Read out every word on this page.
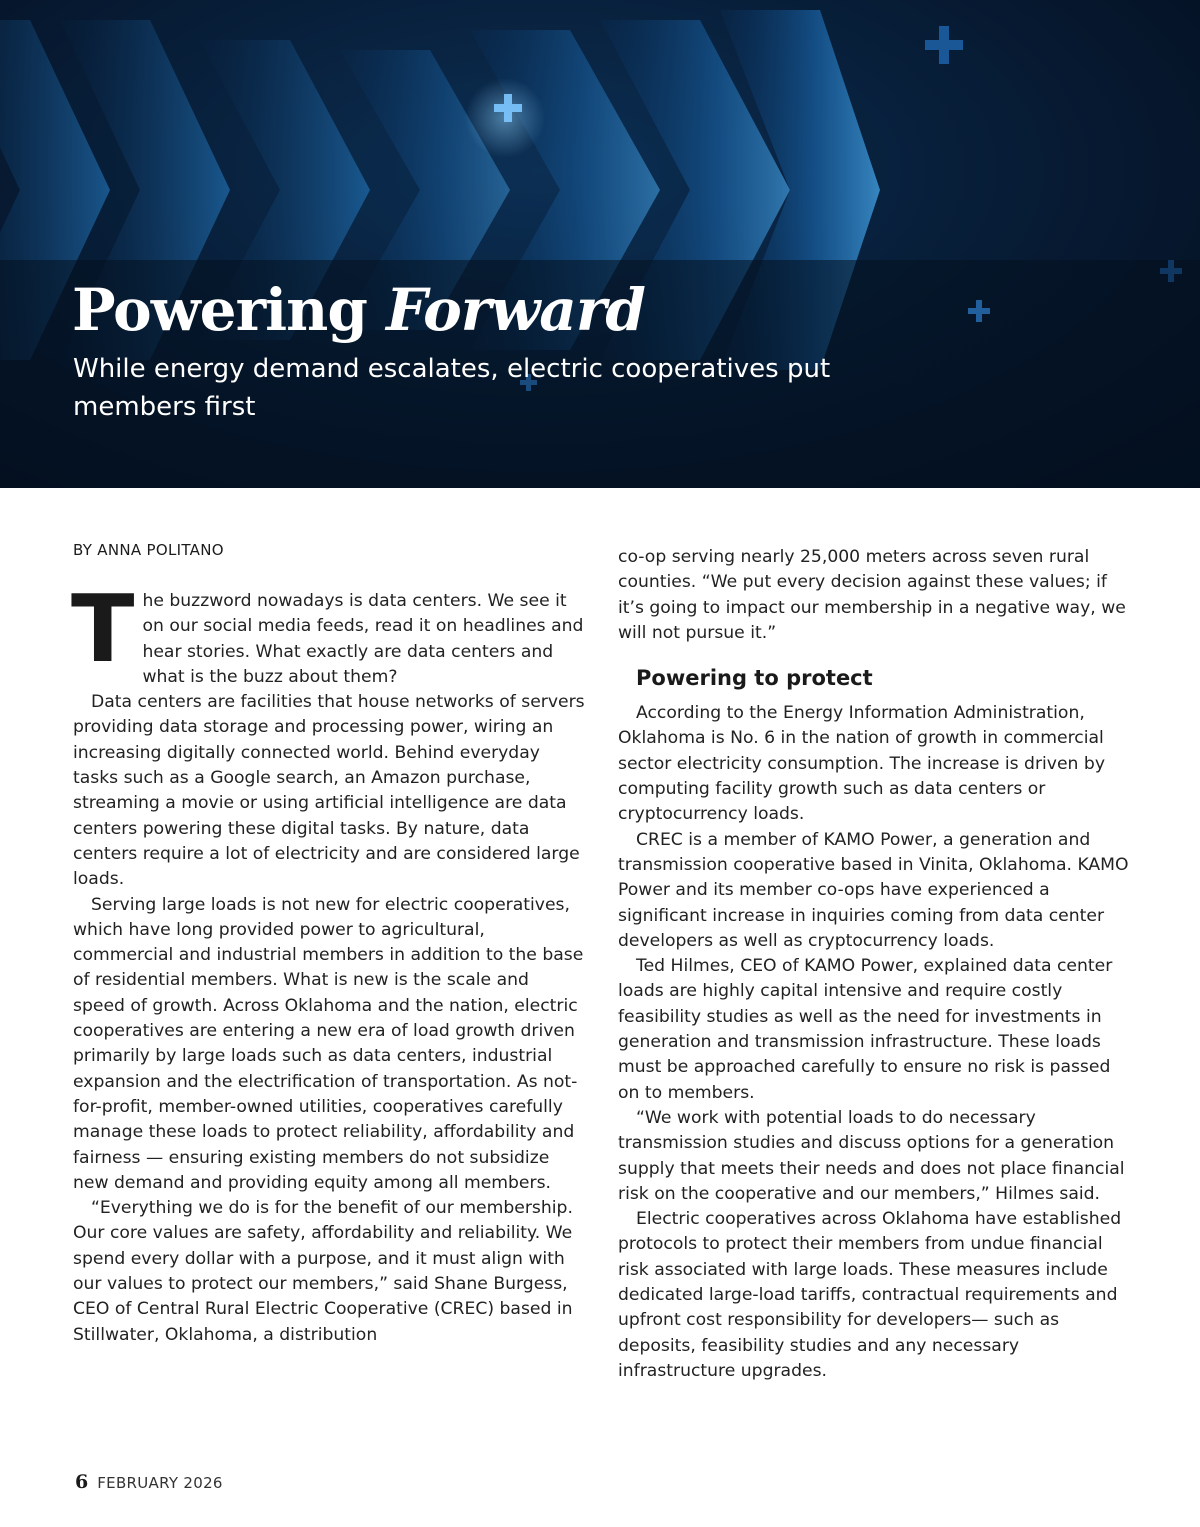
Powering Forward
While energy demand escalates, electric cooperatives put members first
BY ANNA POLITANO

The buzzword nowadays is data centers. We see it on our social media feeds, read it on headlines and hear stories. What exactly are data centers and what is the buzz about them?

Data centers are facilities that house networks of servers providing data storage and processing power, wiring an increasing digitally connected world. Behind everyday tasks such as a Google search, an Amazon purchase, streaming a movie or using artificial intelligence are data centers powering these digital tasks. By nature, data centers require a lot of electricity and are considered large loads.

Serving large loads is not new for electric cooperatives, which have long provided power to agricultural, commercial and industrial members in addition to the base of residential members. What is new is the scale and speed of growth. Across Oklahoma and the nation, electric cooperatives are entering a new era of load growth driven primarily by large loads such as data centers, industrial expansion and the electrification of transportation. As not-for-profit, member-owned utilities, cooperatives carefully manage these loads to protect reliability, affordability and fairness — ensuring existing members do not subsidize new demand and providing equity among all members.

“Everything we do is for the benefit of our membership. Our core values are safety, affordability and reliability. We spend every dollar with a purpose, and it must align with our values to protect our members,” said Shane Burgess, CEO of Central Rural Electric Cooperative (CREC) based in Stillwater, Oklahoma, a distribution

co-op serving nearly 25,000 meters across seven rural counties. “We put every decision against these values; if it’s going to impact our membership in a negative way, we will not pursue it.”

Powering to protect

According to the Energy Information Administration, Oklahoma is No. 6 in the nation of growth in commercial sector electricity consumption. The increase is driven by computing facility growth such as data centers or cryptocurrency loads.

CREC is a member of KAMO Power, a generation and transmission cooperative based in Vinita, Oklahoma. KAMO Power and its member co-ops have experienced a significant increase in inquiries coming from data center developers as well as cryptocurrency loads.

Ted Hilmes, CEO of KAMO Power, explained data center loads are highly capital intensive and require costly feasibility studies as well as the need for investments in generation and transmission infrastructure. These loads must be approached carefully to ensure no risk is passed on to members.

“We work with potential loads to do necessary transmission studies and discuss options for a generation supply that meets their needs and does not place financial risk on the cooperative and our members,” Hilmes said.

Electric cooperatives across Oklahoma have established protocols to protect their members from undue financial risk associated with large loads. These measures include dedicated large-load tariffs, contractual requirements and upfront cost responsibility for developers— such as deposits, feasibility studies and any necessary infrastructure upgrades.

6 FEBRUARY 2026
